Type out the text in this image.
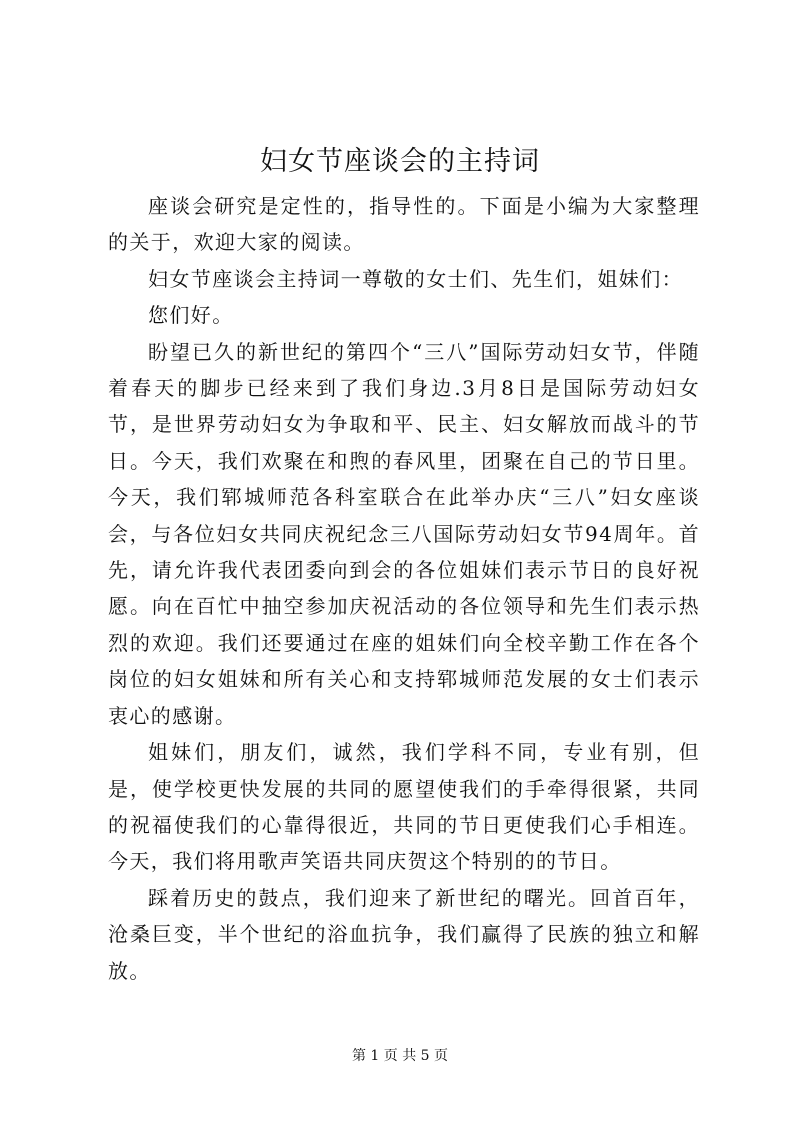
妇女节座谈会的主持词

座谈会研究是定性的，指导性的。下面是小编为大家整理的关于，欢迎大家的阅读。

妇女节座谈会主持词一尊敬的女士们、先生们，姐妹们：

您们好。

盼望已久的新世纪的第四个“三八”国际劳动妇女节，伴随着春天的脚步已经来到了我们身边.3月8日是国际劳动妇女节，是世界劳动妇女为争取和平、民主、妇女解放而战斗的节日。今天，我们欢聚在和煦的春风里，团聚在自己的节日里。今天，我们郓城师范各科室联合在此举办庆“三八”妇女座谈会，与各位妇女共同庆祝纪念三八国际劳动妇女节94周年。首先，请允许我代表团委向到会的各位姐妹们表示节日的良好祝愿。向在百忙中抽空参加庆祝活动的各位领导和先生们表示热烈的欢迎。我们还要通过在座的姐妹们向全校辛勤工作在各个岗位的妇女姐妹和所有关心和支持郓城师范发展的女士们表示衷心的感谢。

姐妹们，朋友们，诚然，我们学科不同，专业有别，但是，使学校更快发展的共同的愿望使我们的手牵得很紧，共同的祝福使我们的心靠得很近，共同的节日更使我们心手相连。今天，我们将用歌声笑语共同庆贺这个特别的的节日。

踩着历史的鼓点，我们迎来了新世纪的曙光。回首百年，沧桑巨变，半个世纪的浴血抗争，我们赢得了民族的独立和解放。

第 1 页 共 5 页
